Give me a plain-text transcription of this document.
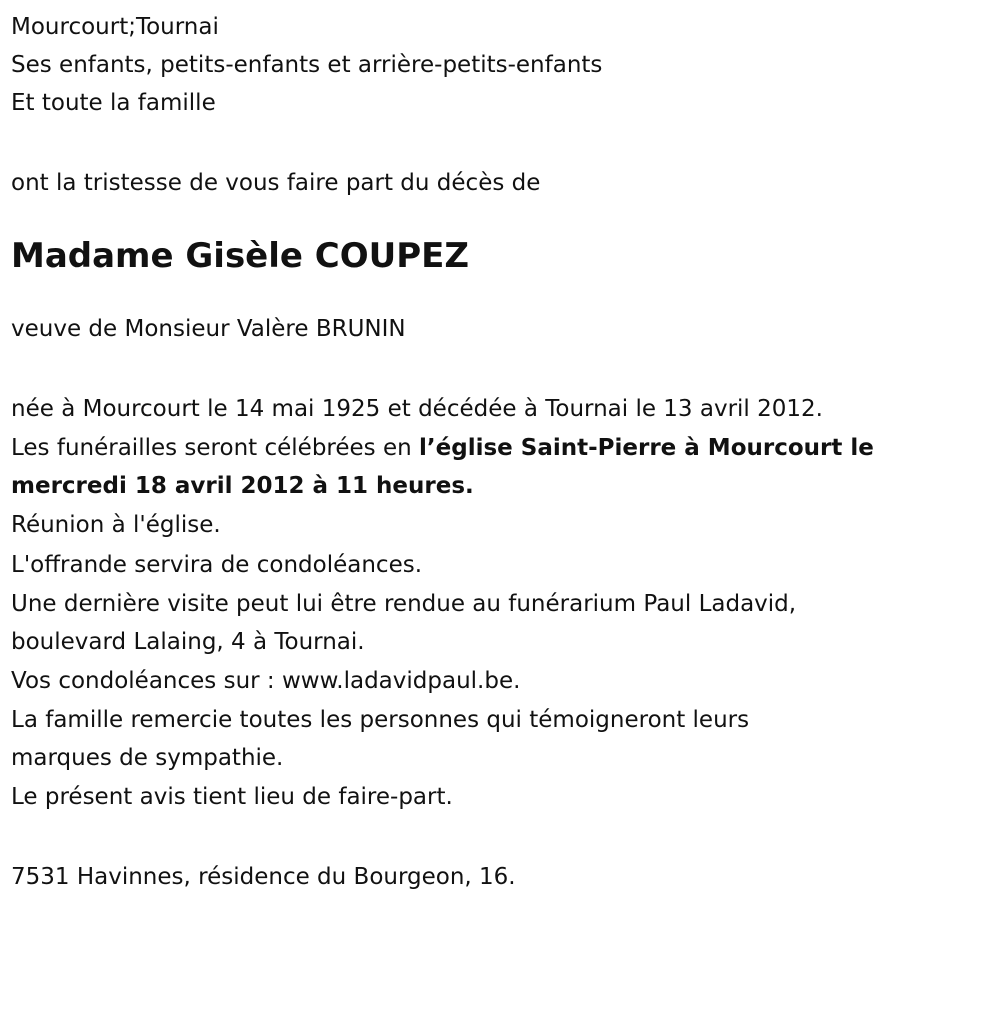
Mourcourt;Tournai

Ses enfants, petits-enfants et arrière-petits-enfants

Et toute la famille

ont la tristesse de vous faire part du décès de

Madame Gisèle COUPEZ

veuve de Monsieur Valère BRUNIN

née à Mourcourt le 14 mai 1925 et décédée à Tournai le 13 avril 2012.

Les funérailles seront célébrées en l’église Saint-Pierre à Mourcourt le

mercredi 18 avril 2012 à 11 heures.

Réunion à l'église.

L'offrande servira de condoléances.

Une dernière visite peut lui être rendue au funérarium Paul Ladavid,

boulevard Lalaing, 4 à Tournai.

Vos condoléances sur : www.ladavidpaul.be.

La famille remercie toutes les personnes qui témoigneront leurs

marques de sympathie.

Le présent avis tient lieu de faire-part.

7531 Havinnes, résidence du Bourgeon, 16.
